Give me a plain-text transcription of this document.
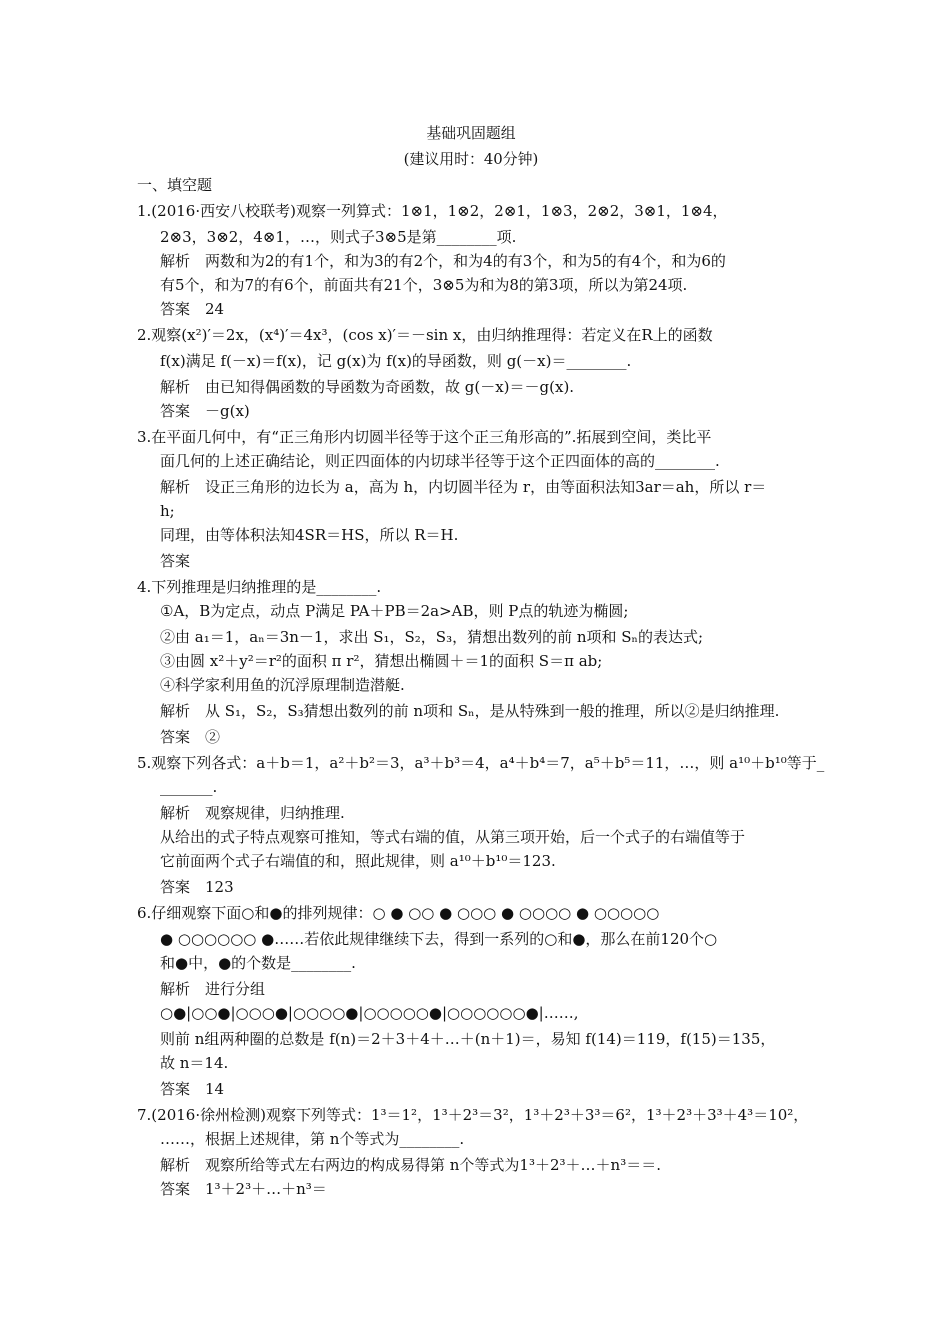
基础巩固题组
(建议用时：40分钟)
一、填空题
1.(2016·西安八校联考)观察一列算式：1⊗1，1⊗2，2⊗1，1⊗3，2⊗2，3⊗1，1⊗4，
2⊗3，3⊗2，4⊗1，…，则式子3⊗5是第________项.
解析　两数和为2的有1个，和为3的有2个，和为4的有3个，和为5的有4个，和为6的
有5个，和为7的有6个，前面共有21个，3⊗5为和为8的第3项，所以为第24项.
答案　24
2.观察(x²)′＝2x，(x⁴)′＝4x³，(cos x)′＝－sin x，由归纳推理得：若定义在R上的函数
f(x)满足 f(－x)＝f(x)，记 g(x)为 f(x)的导函数，则 g(－x)＝________.
解析　由已知得偶函数的导函数为奇函数，故 g(－x)＝－g(x).
答案　－g(x)
3.在平面几何中，有“正三角形内切圆半径等于这个正三角形高的”.拓展到空间，类比平
面几何的上述正确结论，则正四面体的内切球半径等于这个正四面体的高的________.
解析　设正三角形的边长为 a，高为 h，内切圆半径为 r，由等面积法知3ar＝ah，所以 r＝
h;
同理，由等体积法知4SR＝HS，所以 R＝H.
答案
4.下列推理是归纳推理的是________.
①A，B为定点，动点 P满足 PA＋PB＝2a>AB，则 P点的轨迹为椭圆;
②由 a₁＝1，aₙ＝3n－1，求出 S₁，S₂，S₃，猜想出数列的前 n项和 Sₙ的表达式;
③由圆 x²＋y²＝r²的面积 π r²，猜想出椭圆＋＝1的面积 S＝π ab;
④科学家利用鱼的沉浮原理制造潜艇.
解析　从 S₁，S₂，S₃猜想出数列的前 n项和 Sₙ，是从特殊到一般的推理，所以②是归纳推理.
答案　②
5.观察下列各式：a＋b＝1，a²＋b²＝3，a³＋b³＝4，a⁴＋b⁴＝7，a⁵＋b⁵＝11，…，则 a¹⁰＋b¹⁰等于_
_______.
解析　观察规律，归纳推理.
从给出的式子特点观察可推知，等式右端的值，从第三项开始，后一个式子的右端值等于
它前面两个式子右端值的和，照此规律，则 a¹⁰＋b¹⁰＝123.
答案　123
6.仔细观察下面○和●的排列规律：○ ● ○○ ● ○○○ ● ○○○○ ● ○○○○○
● ○○○○○○ ●……若依此规律继续下去，得到一系列的○和●，那么在前120个○
和●中，●的个数是________.
解析　进行分组
○●|○○●|○○○●|○○○○●|○○○○○●|○○○○○○●|……,
则前 n组两种圈的总数是 f(n)＝2＋3＋4＋…＋(n＋1)＝，易知 f(14)＝119，f(15)＝135，
故 n＝14.
答案　14
7.(2016·徐州检测)观察下列等式：1³＝1²，1³＋2³＝3²，1³＋2³＋3³＝6²，1³＋2³＋3³＋4³＝10²，
……，根据上述规律，第 n个等式为________.
解析　观察所给等式左右两边的构成易得第 n个等式为1³＋2³＋…＋n³＝＝.
答案　1³＋2³＋…＋n³＝
